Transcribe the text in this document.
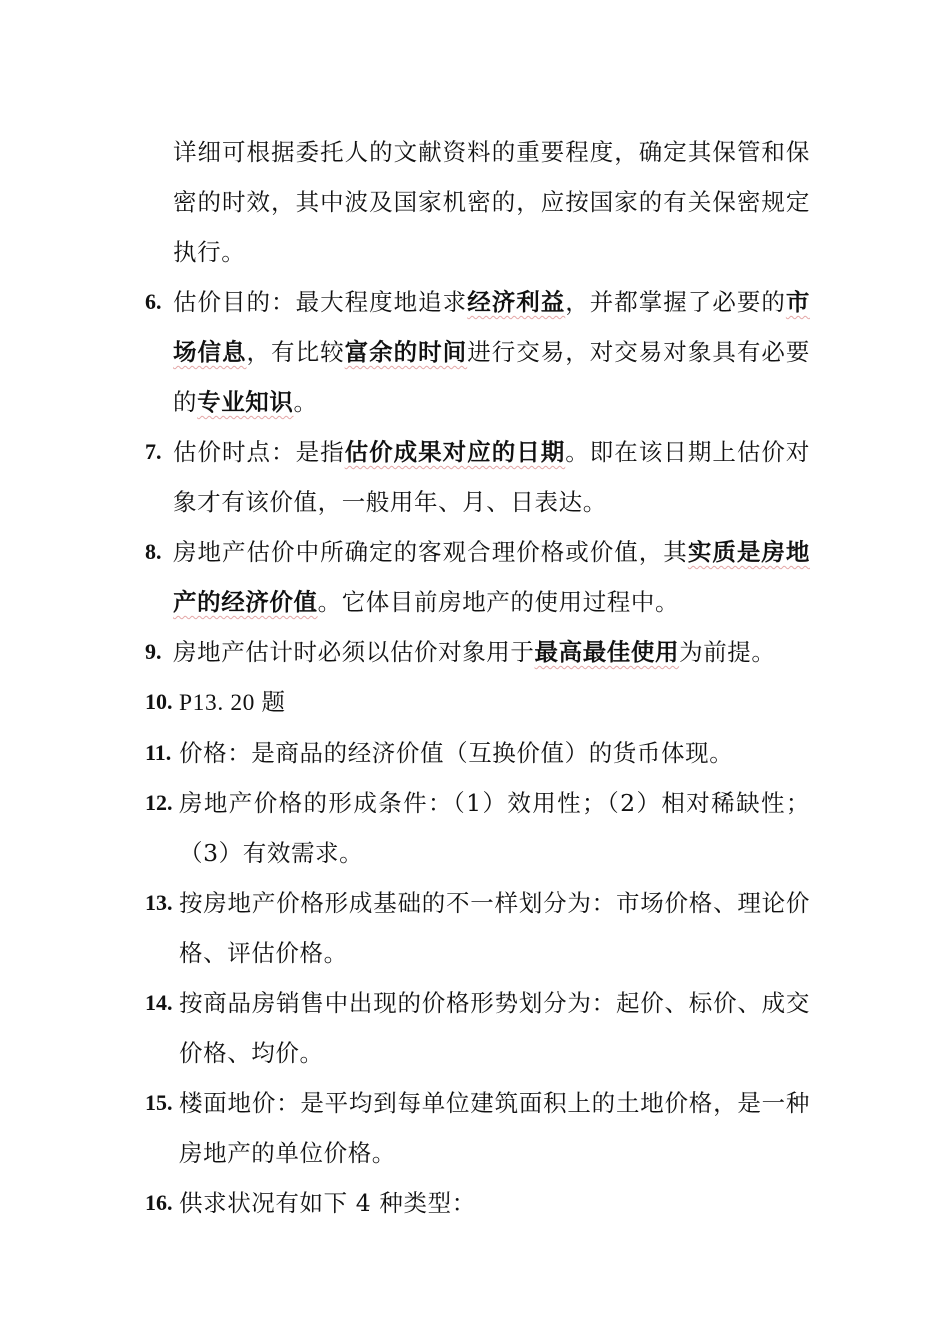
详细可根据委托人的文献资料的重要程度，确定其保管和保密的时效，其中波及国家机密的，应按国家的有关保密规定执行。

6. 估价目的：最大程度地追求经济利益，并都掌握了必要的市场信息，有比较富余的时间进行交易，对交易对象具有必要的专业知识。

7. 估价时点：是指估价成果对应的日期。即在该日期上估价对象才有该价值，一般用年、月、日表达。

8. 房地产估价中所确定的客观合理价格或价值，其实质是房地产的经济价值。它体目前房地产的使用过程中。

9. 房地产估计时必须以估价对象用于最高最佳使用为前提。

10. P13. 20 题

11. 价格：是商品的经济价值（互换价值）的货币体现。

12. 房地产价格的形成条件：（1）效用性；（2）相对稀缺性；（3）有效需求。

13. 按房地产价格形成基础的不一样划分为：市场价格、理论价格、评估价格。

14. 按商品房销售中出现的价格形势划分为：起价、标价、成交价格、均价。

15. 楼面地价：是平均到每单位建筑面积上的土地价格，是一种房地产的单位价格。

16. 供求状况有如下 4 种类型：
